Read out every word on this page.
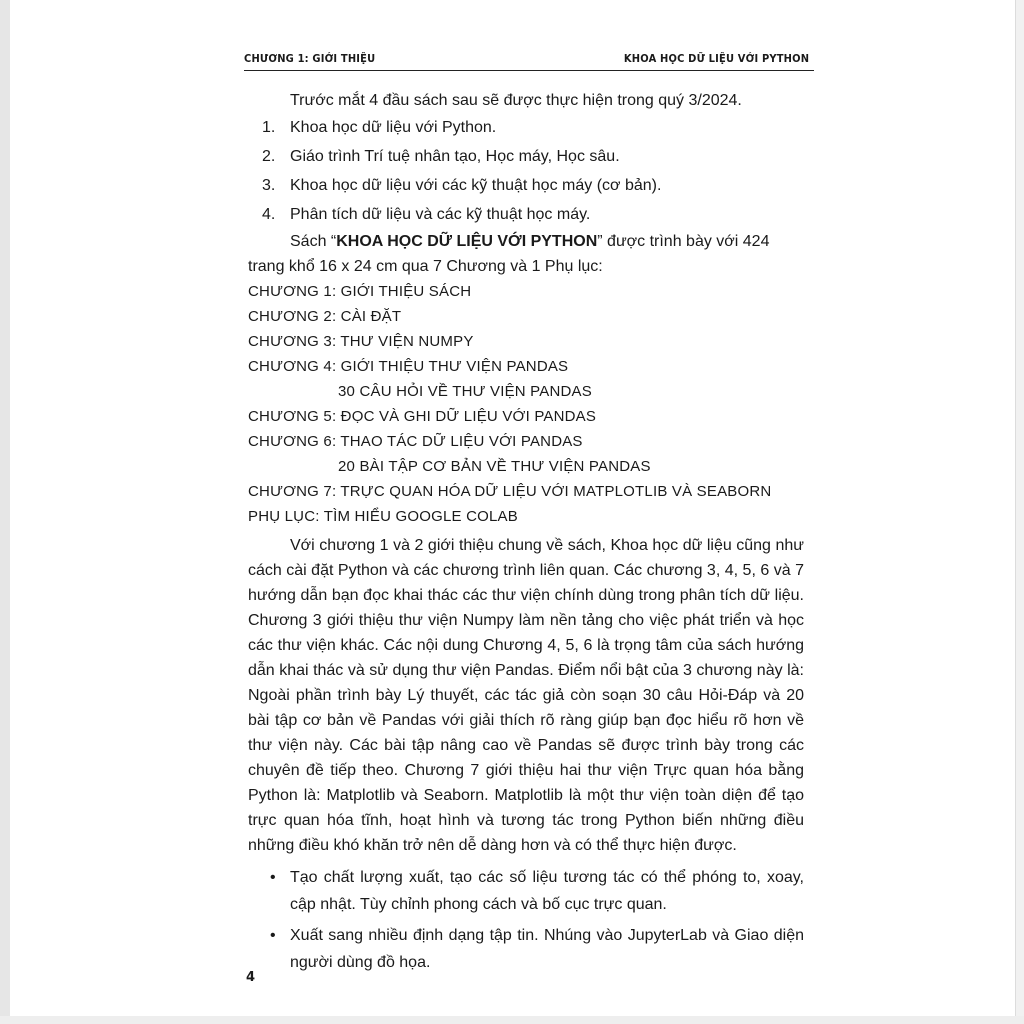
CHƯƠNG 1: GIỚI THIỆU	KHOA HỌC DỮ LIỆU VỚI PYTHON
Trước mắt 4 đầu sách sau sẽ được thực hiện trong quý 3/2024.
1. Khoa học dữ liệu với Python.
2. Giáo trình Trí tuệ nhân tạo, Học máy, Học sâu.
3. Khoa học dữ liệu với các kỹ thuật học máy (cơ bản).
4. Phân tích dữ liệu và các kỹ thuật học máy.
Sách “KHOA HỌC DỮ LIỆU VỚI PYTHON” được trình bày với 424
trang khổ 16 x 24 cm qua 7 Chương và 1 Phụ lục:
CHƯƠNG 1: GIỚI THIỆU SÁCH
CHƯƠNG 2: CÀI ĐẶT
CHƯƠNG 3: THƯ VIỆN NUMPY
CHƯƠNG 4: GIỚI THIỆU THƯ VIỆN PANDAS
30 CÂU HỎI VỀ THƯ VIỆN PANDAS
CHƯƠNG 5: ĐỌC VÀ GHI DỮ LIỆU VỚI PANDAS
CHƯƠNG 6: THAO TÁC DỮ LIỆU VỚI PANDAS
20 BÀI TẬP CƠ BẢN VỀ THƯ VIỆN PANDAS
CHƯƠNG 7: TRỰC QUAN HÓA DỮ LIỆU VỚI MATPLOTLIB VÀ SEABORN
PHỤ LỤC: TÌM HIỂU GOOGLE COLAB

Với chương 1 và 2 giới thiệu chung về sách, Khoa học dữ liệu cũng như cách cài đặt Python và các chương trình liên quan. Các chương 3, 4, 5, 6 và 7 hướng dẫn bạn đọc khai thác các thư viện chính dùng trong phân tích dữ liệu. Chương 3 giới thiệu thư viện Numpy làm nền tảng cho việc phát triển và học các thư viện khác. Các nội dung Chương 4, 5, 6 là trọng tâm của sách hướng dẫn khai thác và sử dụng thư viện Pandas. Điểm nổi bật của 3 chương này là: Ngoài phần trình bày Lý thuyết, các tác giả còn soạn 30 câu Hỏi-Đáp và 20 bài tập cơ bản về Pandas với giải thích rõ ràng giúp bạn đọc hiểu rõ hơn về thư viện này. Các bài tập nâng cao về Pandas sẽ được trình bày trong các chuyên đề tiếp theo. Chương 7 giới thiệu hai thư viện Trực quan hóa bằng Python là: Matplotlib và Seaborn. Matplotlib là một thư viện toàn diện để tạo trực quan hóa tĩnh, hoạt hình và tương tác trong Python biến những điều những điều khó khăn trở nên dễ dàng hơn và có thể thực hiện được.

• Tạo chất lượng xuất, tạo các số liệu tương tác có thể phóng to, xoay, cập nhật. Tùy chỉnh phong cách và bố cục trực quan.
• Xuất sang nhiều định dạng tập tin. Nhúng vào JupyterLab và Giao diện người dùng đồ họa.
4
